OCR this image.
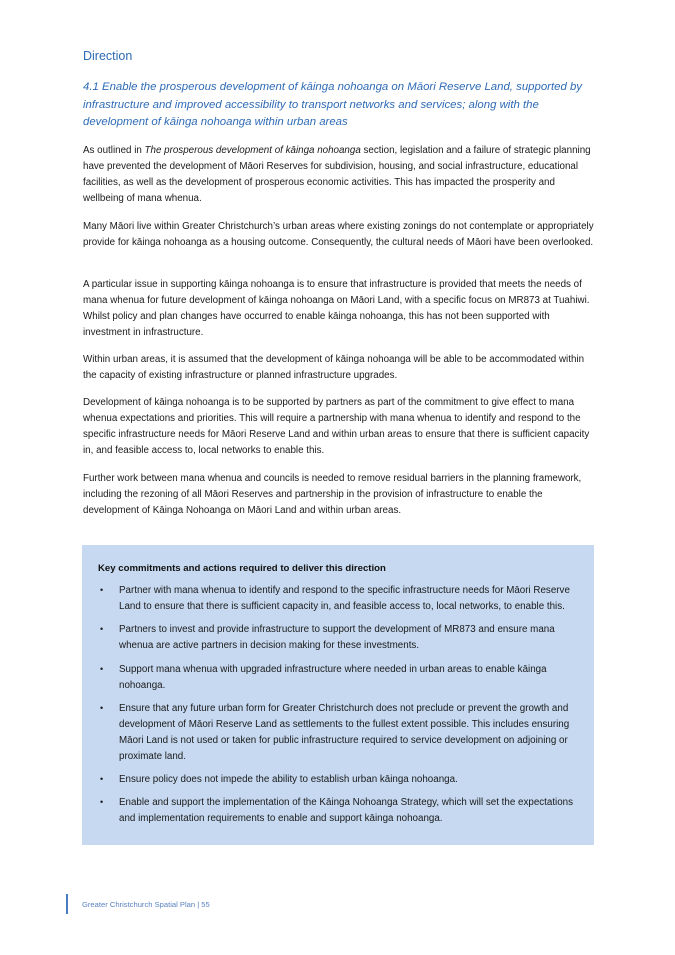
Direction

4.1 Enable the prosperous development of kāinga nohoanga on Māori Reserve Land, supported by infrastructure and improved accessibility to transport networks and services; along with the development of kāinga nohoanga within urban areas

As outlined in The prosperous development of kāinga nohoanga section, legislation and a failure of strategic planning have prevented the development of Māori Reserves for subdivision, housing, and social infrastructure, educational facilities, as well as the development of prosperous economic activities. This has impacted the prosperity and wellbeing of mana whenua.

Many Māori live within Greater Christchurch’s urban areas where existing zonings do not contemplate or appropriately provide for kāinga nohoanga as a housing outcome. Consequently, the cultural needs of Māori have been overlooked.

A particular issue in supporting kāinga nohoanga is to ensure that infrastructure is provided that meets the needs of mana whenua for future development of kāinga nohoanga on Māori Land, with a specific focus on MR873 at Tuahiwi. Whilst policy and plan changes have occurred to enable kāinga nohoanga, this has not been supported with investment in infrastructure.

Within urban areas, it is assumed that the development of kāinga nohoanga will be able to be accommodated within the capacity of existing infrastructure or planned infrastructure upgrades.

Development of kāinga nohoanga is to be supported by partners as part of the commitment to give effect to mana whenua expectations and priorities. This will require a partnership with mana whenua to identify and respond to the specific infrastructure needs for Māori Reserve Land and within urban areas to ensure that there is sufficient capacity in, and feasible access to, local networks to enable this.

Further work between mana whenua and councils is needed to remove residual barriers in the planning framework, including the rezoning of all Māori Reserves and partnership in the provision of infrastructure to enable the development of Kāinga Nohoanga on Māori Land and within urban areas.

Key commitments and actions required to deliver this direction

• Partner with mana whenua to identify and respond to the specific infrastructure needs for Māori Reserve Land to ensure that there is sufficient capacity in, and feasible access to, local networks, to enable this.
• Partners to invest and provide infrastructure to support the development of MR873 and ensure mana whenua are active partners in decision making for these investments.
• Support mana whenua with upgraded infrastructure where needed in urban areas to enable kāinga nohoanga.
• Ensure that any future urban form for Greater Christchurch does not preclude or prevent the growth and development of Māori Reserve Land as settlements to the fullest extent possible. This includes ensuring Māori Land is not used or taken for public infrastructure required to service development on adjoining or proximate land.
• Ensure policy does not impede the ability to establish urban kāinga nohoanga.
• Enable and support the implementation of the Kāinga Nohoanga Strategy, which will set the expectations and implementation requirements to enable and support kāinga nohoanga.
Greater Christchurch Spatial Plan | 55
